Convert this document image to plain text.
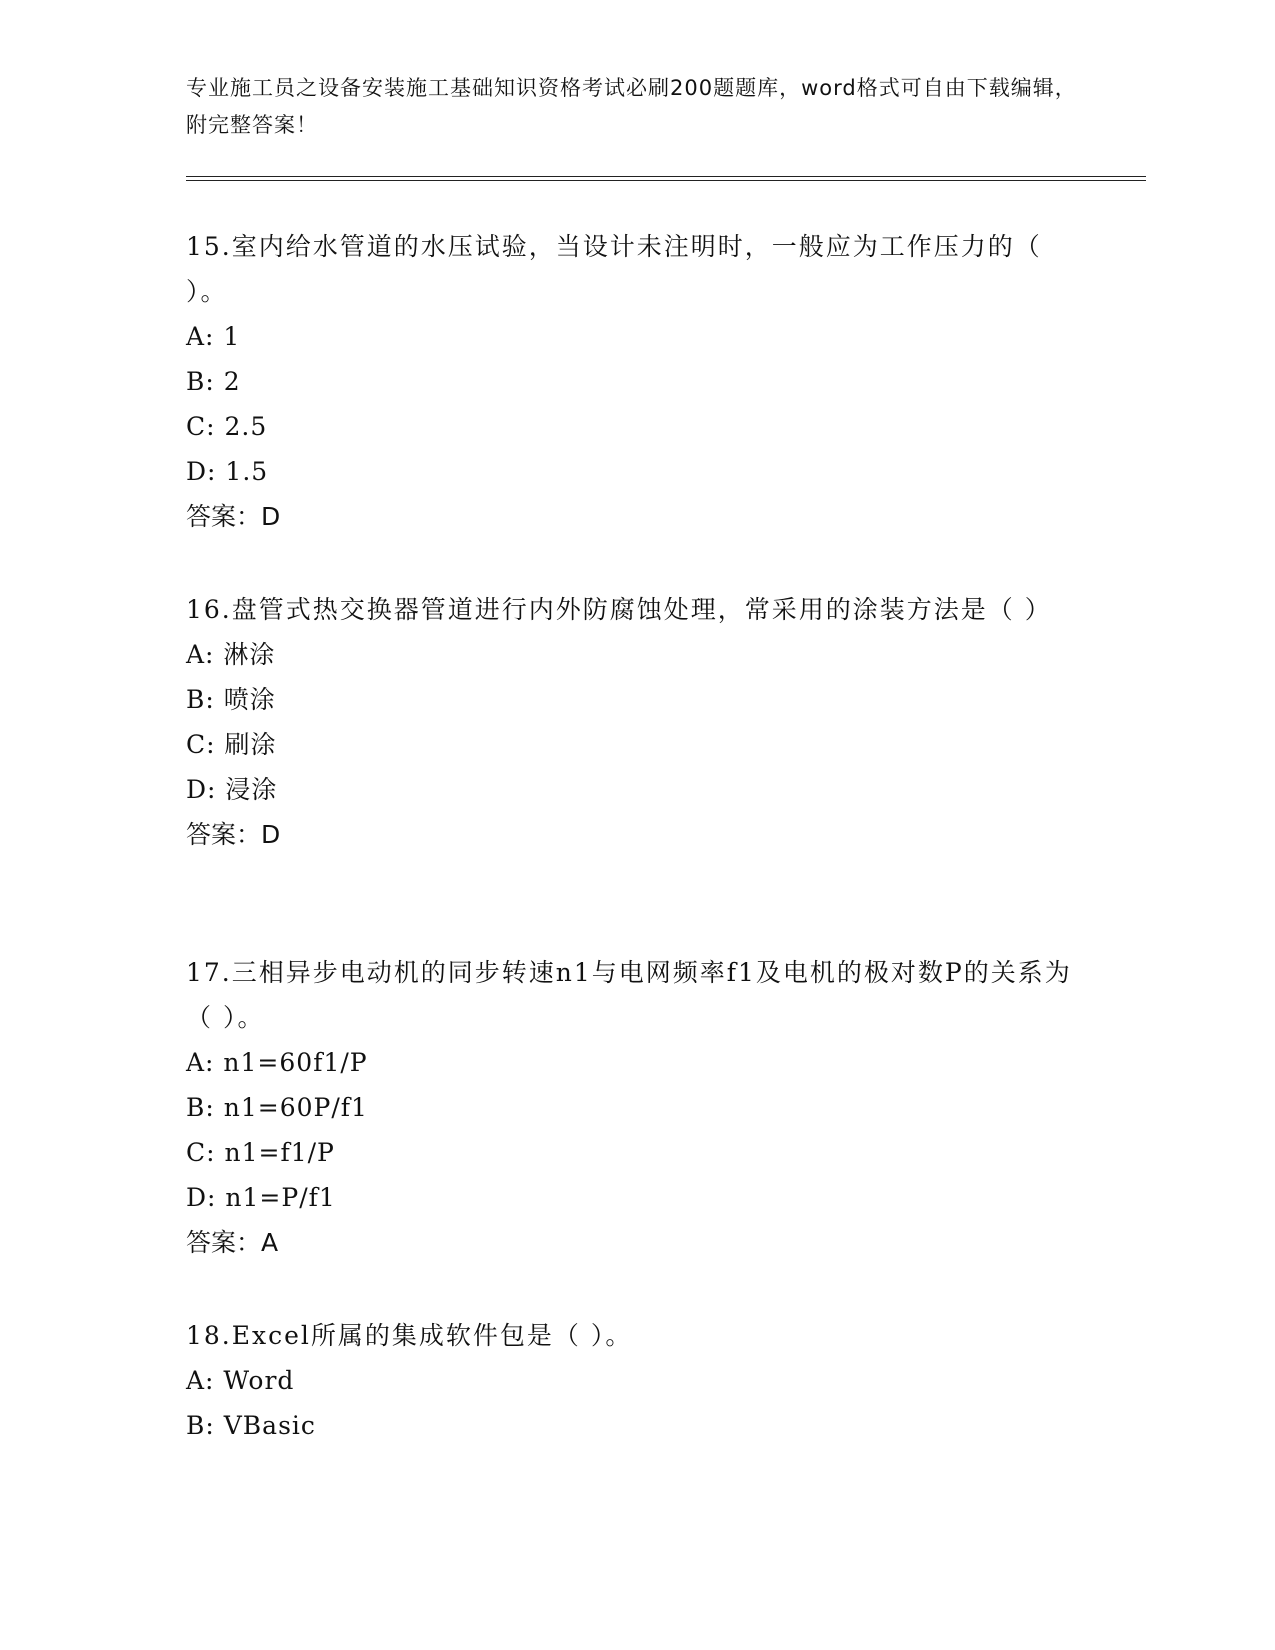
专业施工员之设备安装施工基础知识资格考试必刷200题题库，word格式可自由下载编辑，附完整答案！

15.室内给水管道的水压试验，当设计未注明时，一般应为工作压力的（ ）。

A: 1

B: 2

C: 2.5

D: 1.5

答案：D

16.盘管式热交换器管道进行内外防腐蚀处理，常采用的涂装方法是（ ）

A: 淋涂

B: 喷涂

C: 刷涂

D: 浸涂

答案：D

17.三相异步电动机的同步转速n1与电网频率f1及电机的极对数P的关系为（ ）。

A: n1=60f1/P

B: n1=60P/f1

C: n1=f1/P

D: n1=P/f1

答案：A

18.Excel所属的集成软件包是（ ）。

A: Word

B: VBasic
